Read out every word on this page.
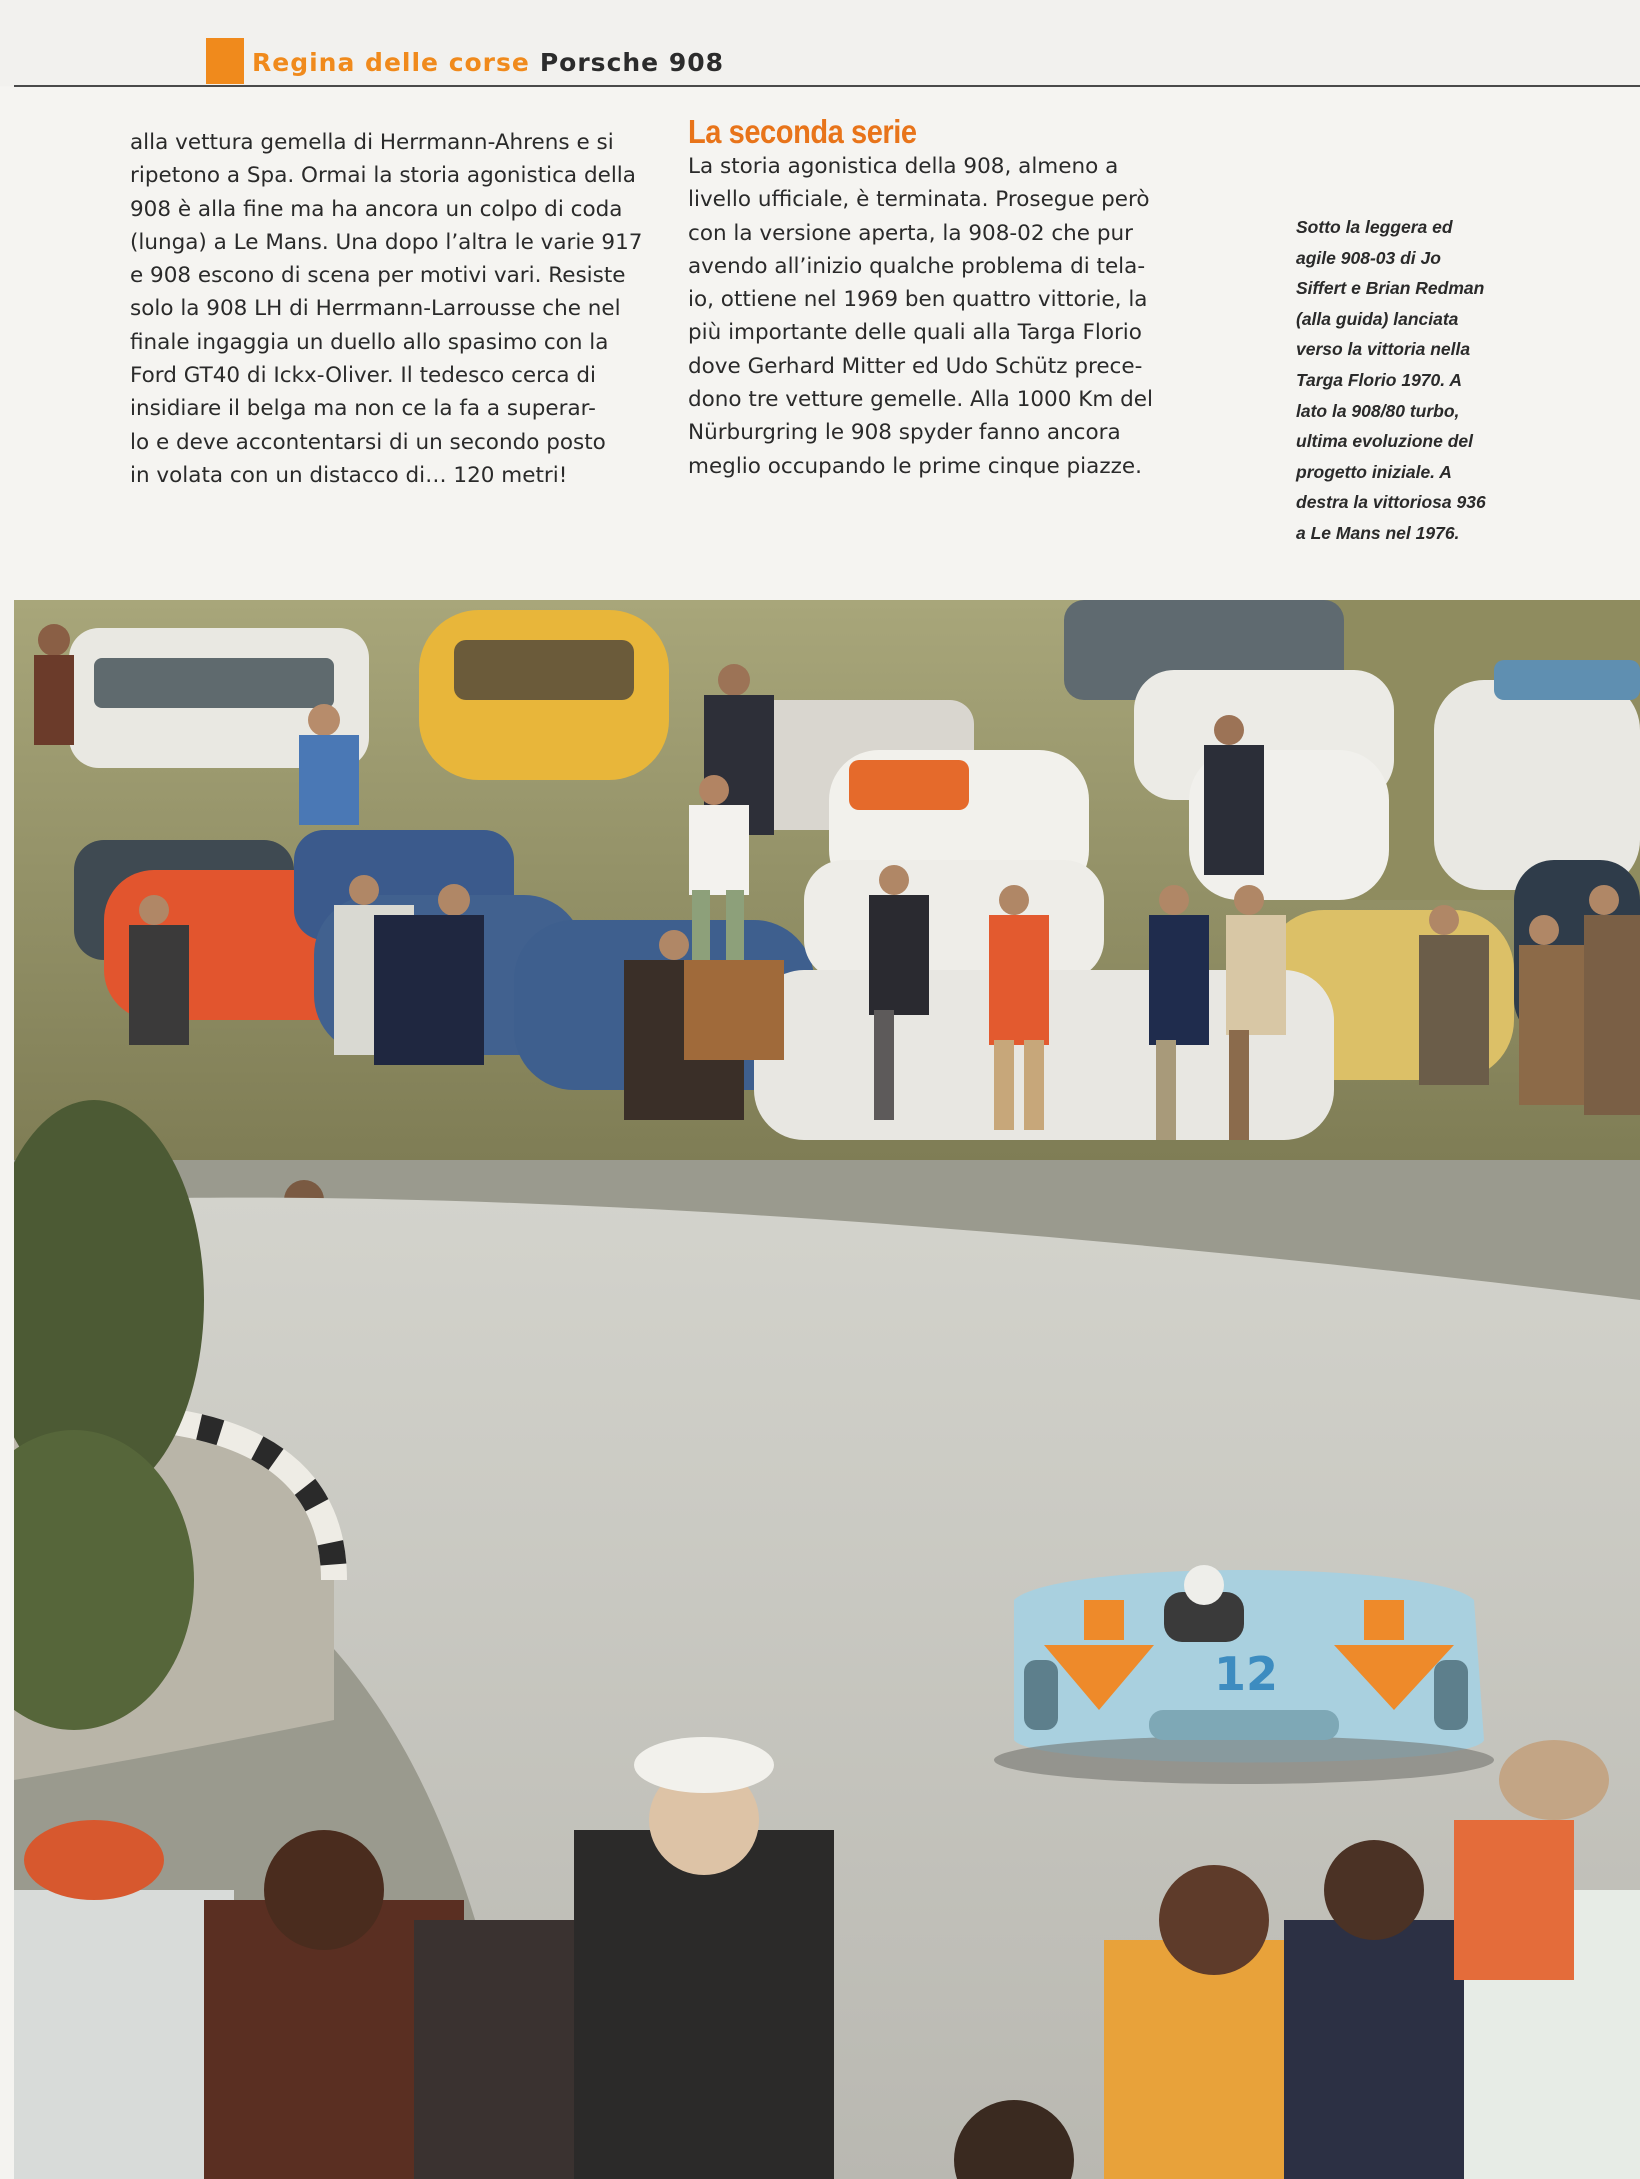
Regina delle corse Porsche 908
alla vettura gemella di Herrmann-Ahrens e si
ripetono a Spa. Ormai la storia agonistica della
908 è alla fine ma ha ancora un colpo di coda
(lunga) a Le Mans. Una dopo l’altra le varie 917
e 908 escono di scena per motivi vari. Resiste
solo la 908 LH di Herrmann-Larrousse che nel
finale ingaggia un duello allo spasimo con la
Ford GT40 di Ickx-Oliver. Il tedesco cerca di
insidiare il belga ma non ce la fa a superar-
lo e deve accontentarsi di un secondo posto
in volata con un distacco di… 120 metri!
La seconda serie
La storia agonistica della 908, almeno a
livello ufficiale, è terminata. Prosegue però
con la versione aperta, la 908-02 che pur
avendo all’inizio qualche problema di tela-
io, ottiene nel 1969 ben quattro vittorie, la
più importante delle quali alla Targa Florio
dove Gerhard Mitter ed Udo Schütz prece-
dono tre vetture gemelle. Alla 1000 Km del
Nürburgring le 908 spyder fanno ancora
meglio occupando le prime cinque piazze.
Sotto la leggera ed
agile 908-03 di Jo
Siffert e Brian Redman
(alla guida) lanciata
verso la vittoria nella
Targa Florio 1970. A
lato la 908/80 turbo,
ultima evoluzione del
progetto iniziale. A
destra la vittoriosa 936
a Le Mans nel 1976.
12
